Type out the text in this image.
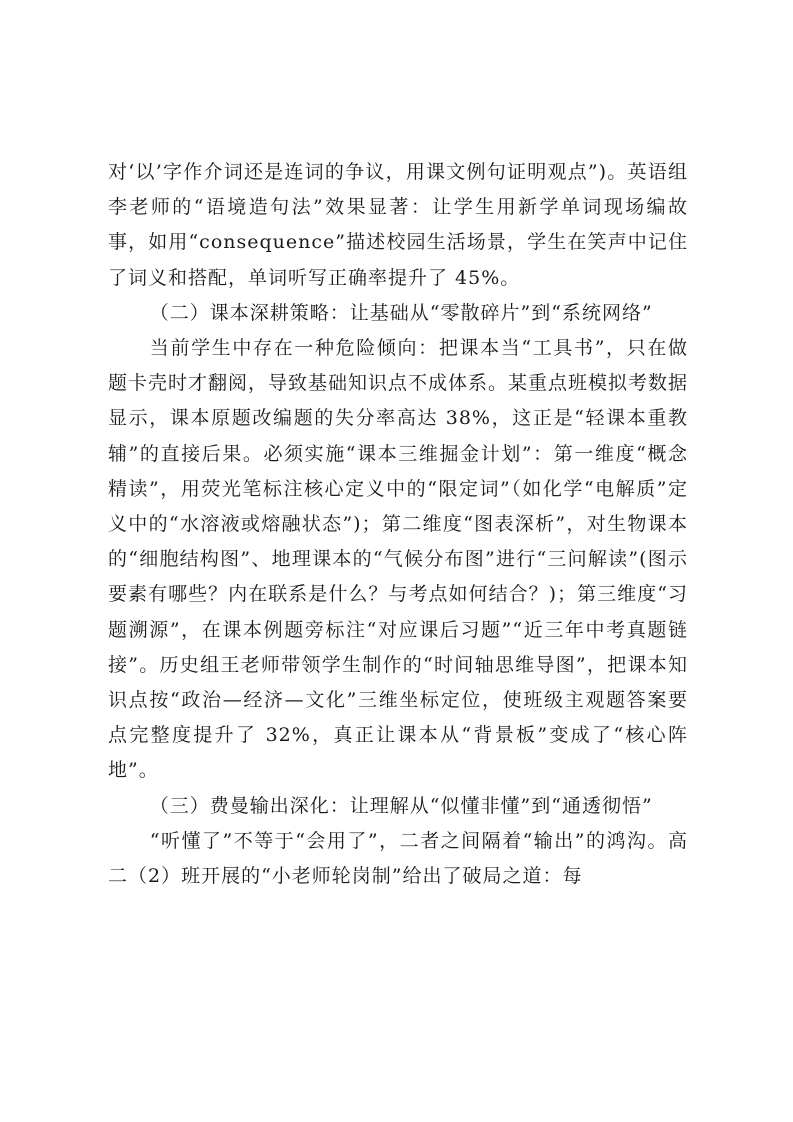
对‘以’字作介词还是连词的争议，用课文例句证明观点”)。英语组李老师的“语境造句法”效果显著：让学生用新学单词现场编故事，如用“consequence”描述校园生活场景，学生在笑声中记住了词义和搭配，单词听写正确率提升了 45%。

（二）课本深耕策略：让基础从“零散碎片”到“系统网络”

当前学生中存在一种危险倾向：把课本当“工具书”，只在做题卡壳时才翻阅，导致基础知识点不成体系。某重点班模拟考数据显示，课本原题改编题的失分率高达 38%，这正是“轻课本重教辅”的直接后果。必须实施“课本三维掘金计划”：第一维度“概念精读”，用荧光笔标注核心定义中的“限定词”（如化学“电解质”定义中的“水溶液或熔融状态”)；第二维度“图表深析”，对生物课本的“细胞结构图”、地理课本的“气候分布图”进行“三问解读”(图示要素有哪些？内在联系是什么？与考点如何结合？)；第三维度“习题溯源”，在课本例题旁标注“对应课后习题”“近三年中考真题链接”。历史组王老师带领学生制作的“时间轴思维导图”，把课本知识点按“政治—经济—文化”三维坐标定位，使班级主观题答案要点完整度提升了 32%，真正让课本从“背景板”变成了“核心阵地”。

（三）费曼输出深化：让理解从“似懂非懂”到“通透彻悟”

“听懂了”不等于“会用了”，二者之间隔着“输出”的鸿沟。高二（2）班开展的“小老师轮岗制”给出了破局之道：每
